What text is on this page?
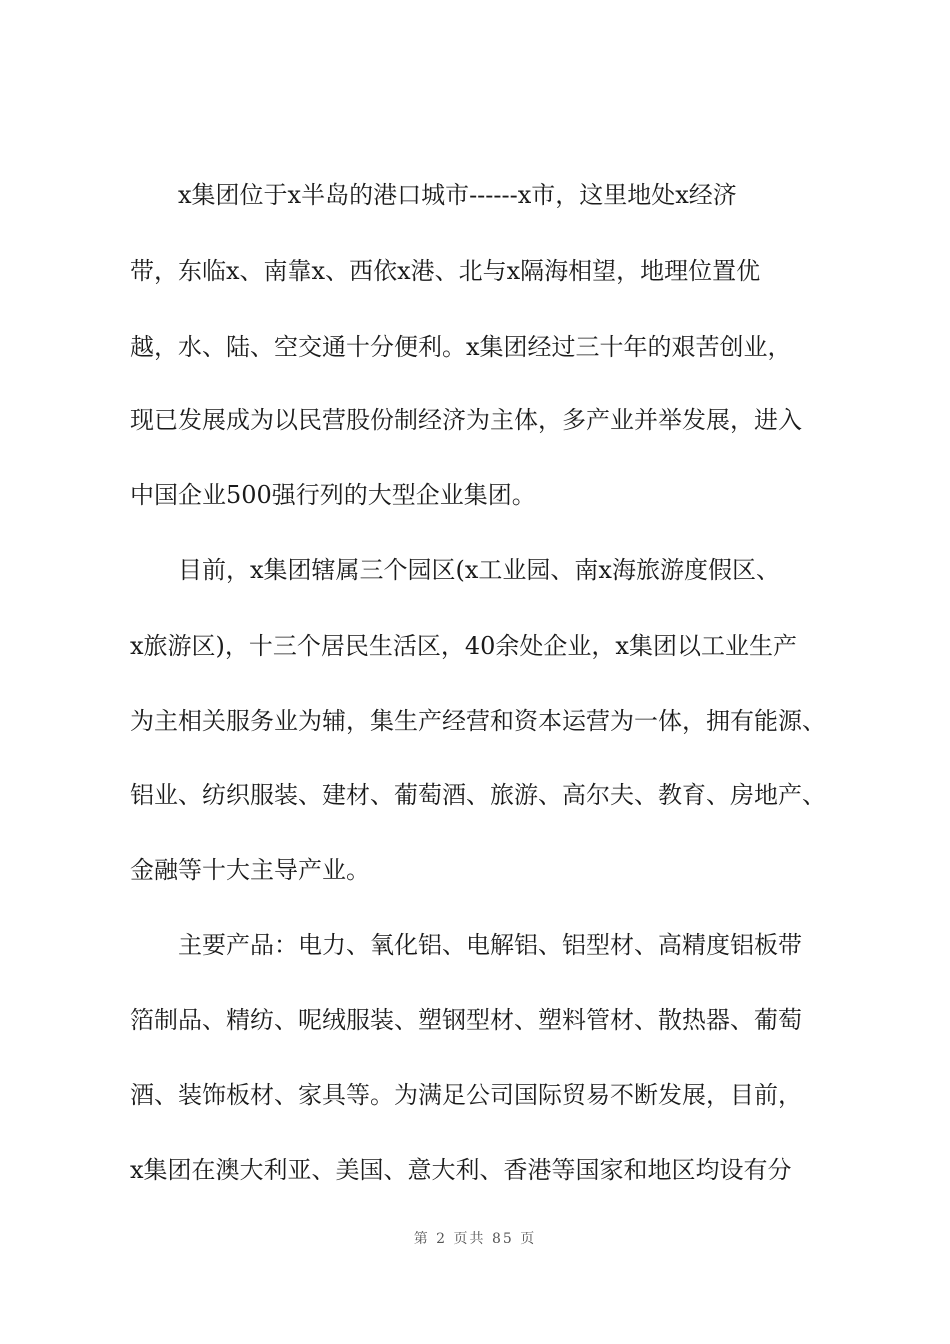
x集团位于x半岛的港口城市------x市，这里地处x经济
带，东临x、南靠x、西依x港、北与x隔海相望，地理位置优
越，水、陆、空交通十分便利。x集团经过三十年的艰苦创业，
现已发展成为以民营股份制经济为主体，多产业并举发展，进入
中国企业500强行列的大型企业集团。
目前，x集团辖属三个园区(x工业园、南x海旅游度假区、
x旅游区)，十三个居民生活区，40余处企业，x集团以工业生产
为主相关服务业为辅，集生产经营和资本运营为一体，拥有能源、
铝业、纺织服装、建材、葡萄酒、旅游、高尔夫、教育、房地产、
金融等十大主导产业。
主要产品：电力、氧化铝、电解铝、铝型材、高精度铝板带
箔制品、精纺、呢绒服装、塑钢型材、塑料管材、散热器、葡萄
酒、装饰板材、家具等。为满足公司国际贸易不断发展，目前，
x集团在澳大利亚、美国、意大利、香港等国家和地区均设有分
第 2 页共 85 页
